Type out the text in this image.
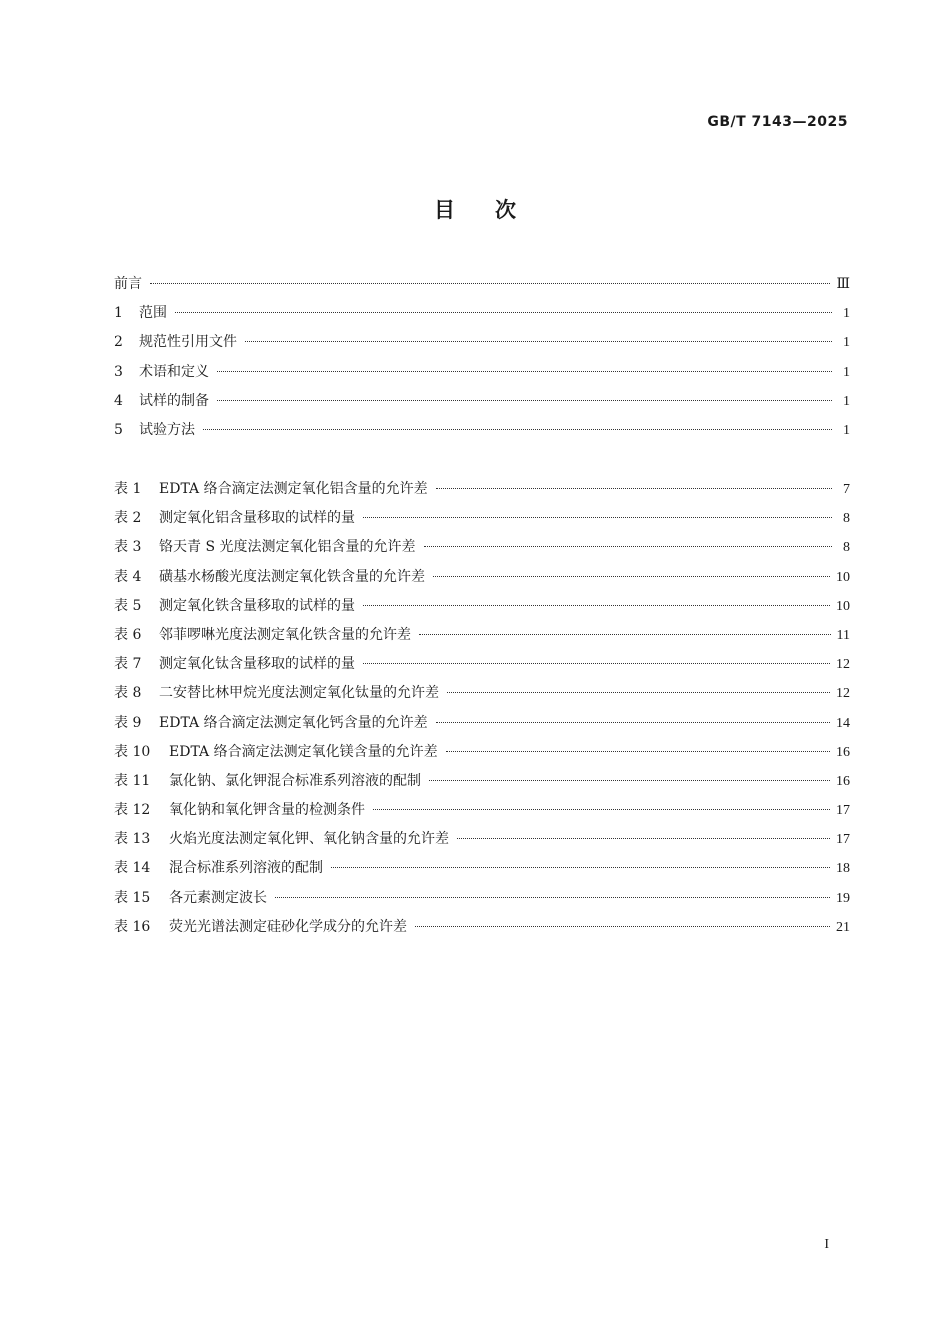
GB/T 7143—2025
目次
前言	Ⅲ
1 范围	1
2 规范性引用文件	1
3 术语和定义	1
4 试样的制备	1
5 试验方法	1
表 1 EDTA 络合滴定法测定氧化铝含量的允许差	7
表 2 测定氧化铝含量移取的试样的量	8
表 3 铬天青 S 光度法测定氧化铝含量的允许差	8
表 4 磺基水杨酸光度法测定氧化铁含量的允许差	10
表 5 测定氧化铁含量移取的试样的量	10
表 6 邻菲啰啉光度法测定氧化铁含量的允许差	11
表 7 测定氧化钛含量移取的试样的量	12
表 8 二安替比林甲烷光度法测定氧化钛量的允许差	12
表 9 EDTA 络合滴定法测定氧化钙含量的允许差	14
表 10 EDTA 络合滴定法测定氧化镁含量的允许差	16
表 11 氯化钠、氯化钾混合标准系列溶液的配制	16
表 12 氧化钠和氧化钾含量的检测条件	17
表 13 火焰光度法测定氧化钾、氧化钠含量的允许差	17
表 14 混合标准系列溶液的配制	18
表 15 各元素测定波长	19
表 16 荧光光谱法测定硅砂化学成分的允许差	21
I
